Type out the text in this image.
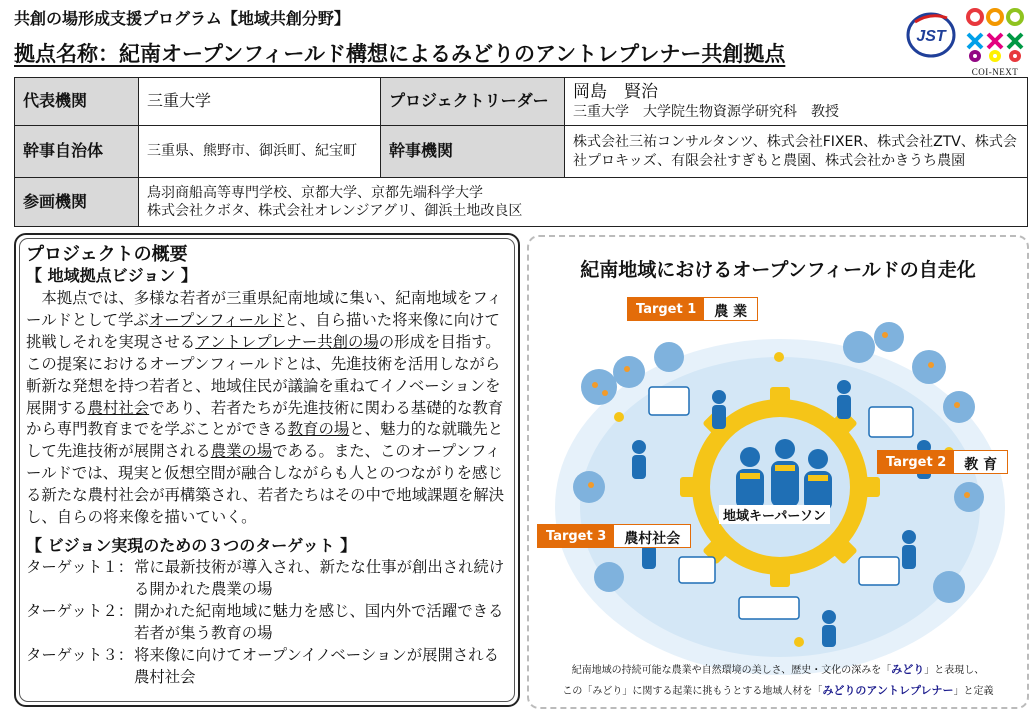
共創の場形成支援プログラム【地域共創分野】
拠点名称：紀南オープンフィールド構想によるみどりのアントレプレナー共創拠点
JST
COI-NEXT
代表機関	三重大学	プロジェクトリーダー	岡島　賢治
三重大学　大学院生物資源学研究科　教授

幹事自治体	三重県、熊野市、御浜町、紀宝町	幹事機関	株式会社三祐コンサルタンツ、株式会社FIXER、株式会社ZTV、株式会社プロキッズ、有限会社すぎもと農園、株式会社かきうち農園
参画機関	鳥羽商船高等専門学校、京都大学、京都先端科学大学
株式会社クボタ、株式会社オレンジアグリ、御浜土地改良区		
プロジェクトの概要
【 地域拠点ビジョン 】
本拠点では、多様な若者が三重県紀南地域に集い、紀南地域をフィールドとして学ぶオープンフィールドと、自ら描いた将来像に向けて挑戦しそれを実現させるアントレプレナー共創の場の形成を目指す。この提案におけるオープンフィールドとは、先進技術を活用しながら斬新な発想を持つ若者と、地域住民が議論を重ねてイノベーションを展開する農村社会であり、若者たちが先進技術に関わる基礎的な教育から専門教育までを学ぶことができる教育の場と、魅力的な就職先として先進技術が展開される農業の場である。また、このオープンフィールドでは、現実と仮想空間が融合しながらも人とのつながりを感じる新たな農村社会が再構築され、若者たちはその中で地域課題を解決し、自らの将来像を描いていく。
【 ビジョン実現のための３つのターゲット 】
ターゲット１： 常に最新技術が導入され、新たな仕事が創出され続ける開かれた農業の場
ターゲット２： 開かれた紀南地域に魅力を感じ、国内外で活躍できる若者が集う教育の場
ターゲット３： 将来像に向けてオープンイノベーションが展開される農村社会
紀南地域におけるオープンフィールドの自走化
Target 1	農 業
Target 2	教 育
Target 3	農村社会
地域キーパーソン
紀南地域の持続可能な農業や自然環境の美しさ、歴史・文化の深みを「みどり」と表現し、
この「みどり」に関する起業に挑もうとする地域人材を「みどりのアントレプレナー」と定義
